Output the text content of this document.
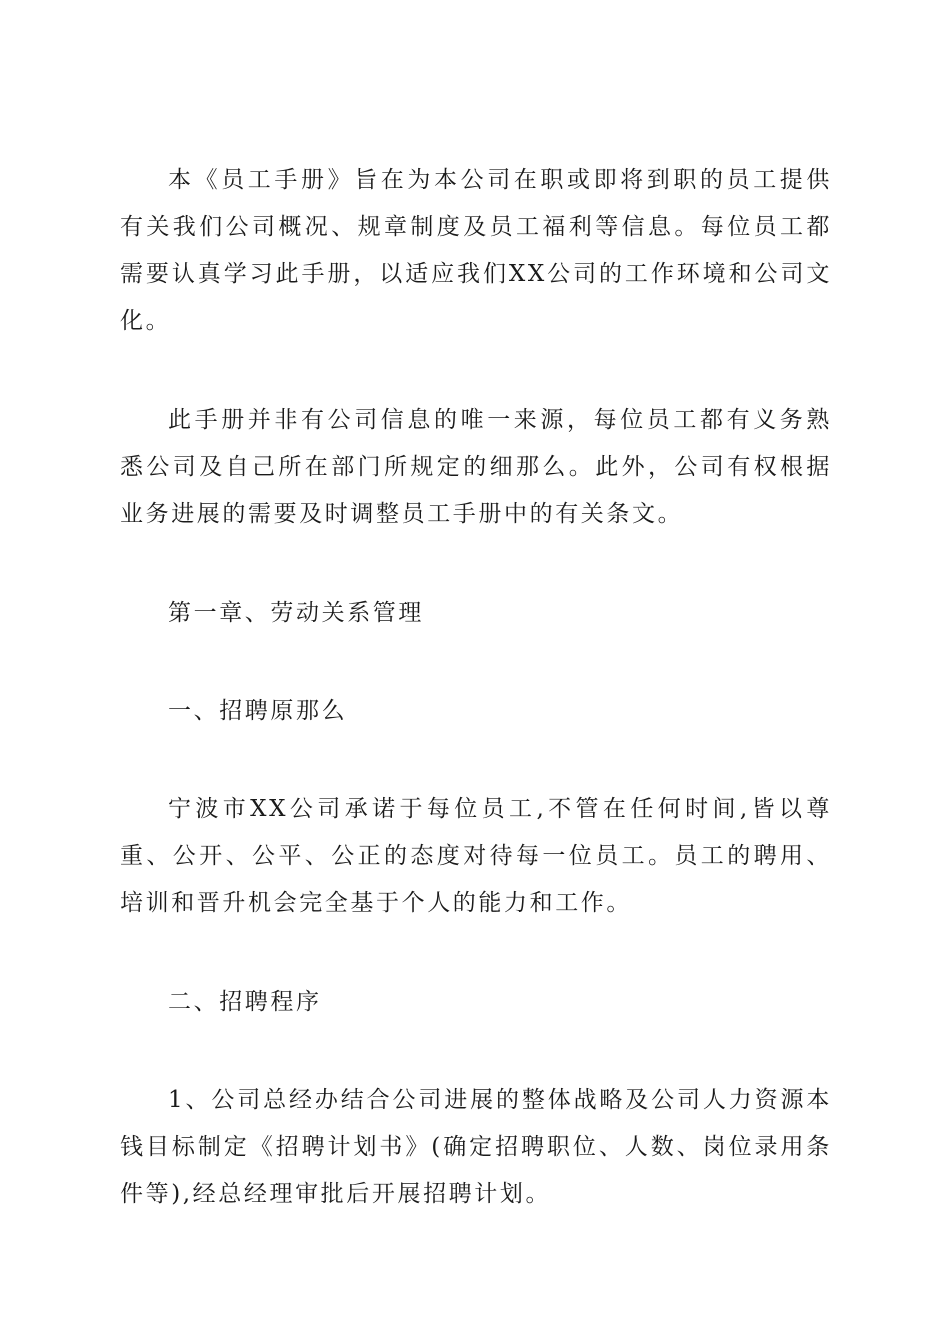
本《员工手册》旨在为本公司在职或即将到职的员工提供有关我们公司概况、规章制度及员工福利等信息。每位员工都需要认真学习此手册，以适应我们XX公司的工作环境和公司文化。

此手册并非有公司信息的唯一来源，每位员工都有义务熟悉公司及自己所在部门所规定的细那么。此外，公司有权根据业务进展的需要及时调整员工手册中的有关条文。

第一章、劳动关系管理

一、招聘原那么

宁波市XX公司承诺于每位员工,不管在任何时间,皆以尊重、公开、公平、公正的态度对待每一位员工。员工的聘用、培训和晋升机会完全基于个人的能力和工作。

二、招聘程序

1、公司总经办结合公司进展的整体战略及公司人力资源本钱目标制定《招聘计划书》(确定招聘职位、人数、岗位录用条件等),经总经理审批后开展招聘计划。
